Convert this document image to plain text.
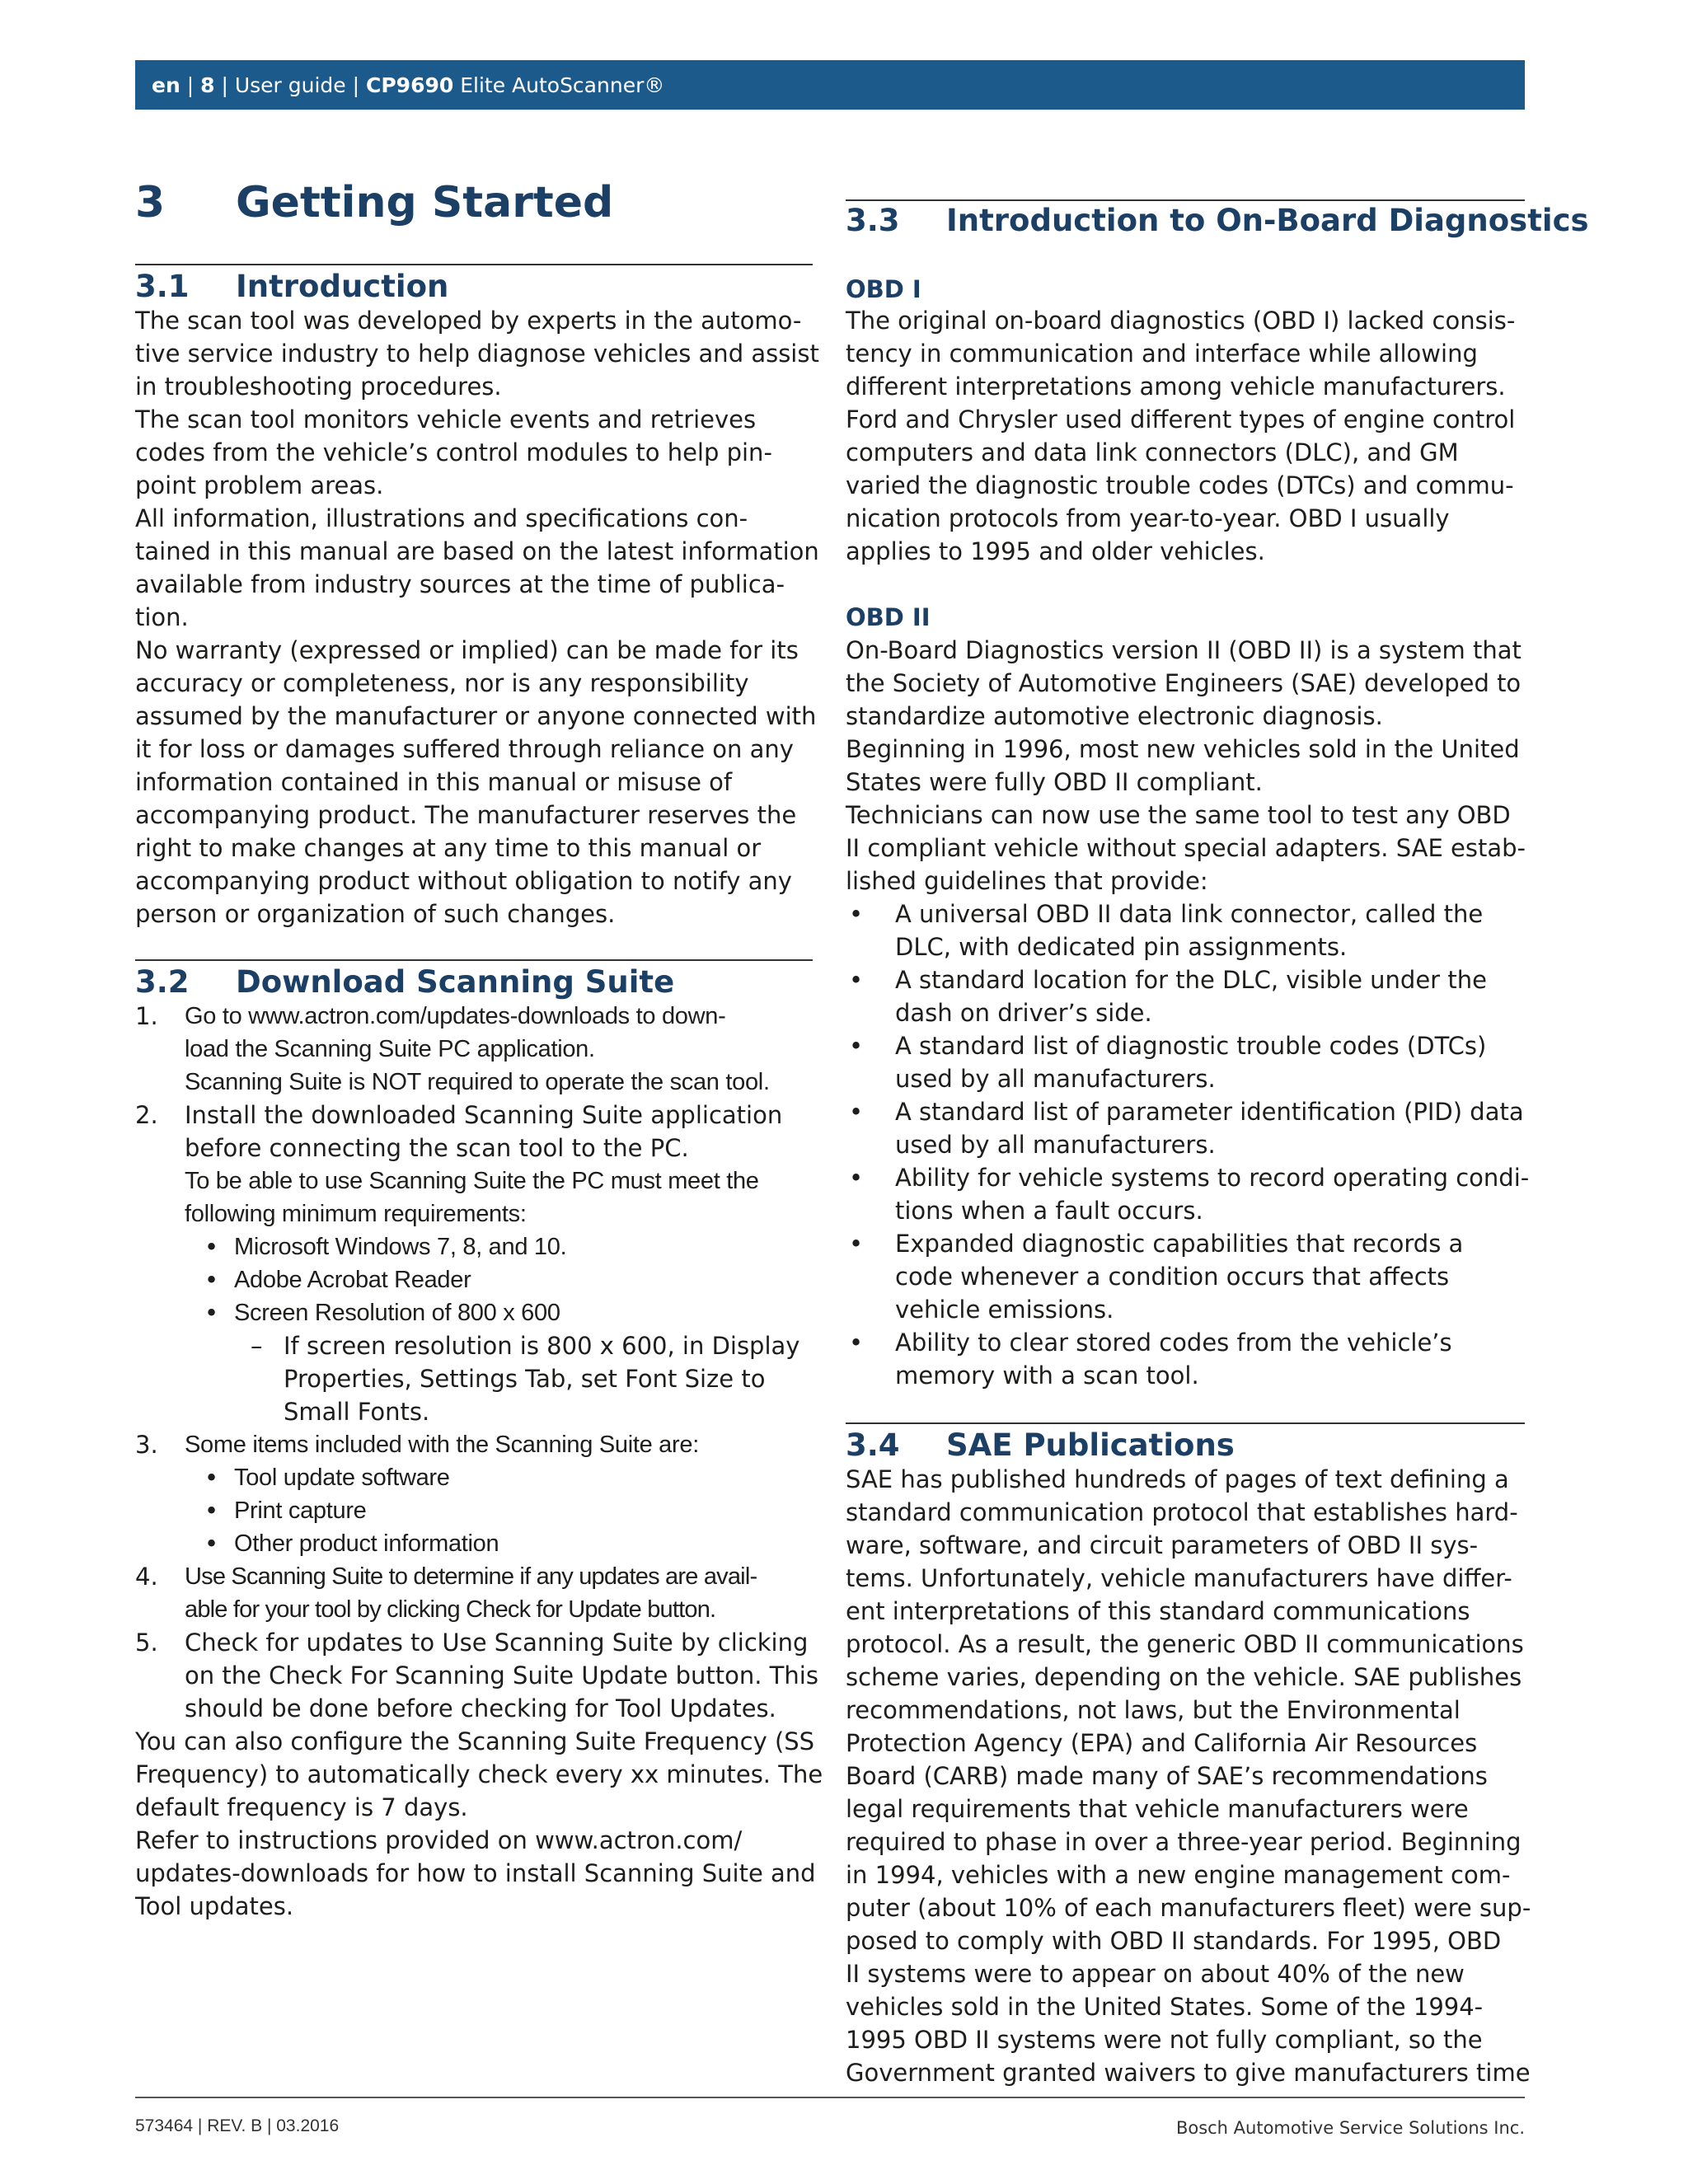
en | 8 | User guide | CP9690
Elite AutoScanner®
3 Getting Started
3.1 Introduction
The scan tool was developed by experts in the automo-
tive service industry to help diagnose vehicles and assist
in troubleshooting procedures.
The scan tool monitors vehicle events and retrieves
codes from the vehicle’s control modules to help pin-
point problem areas.
All information, illustrations and specifications con-
tained in this manual are based on the latest information
available from industry sources at the time of publica-
tion.
No warranty (expressed or implied) can be made for its
accuracy or completeness, nor is any responsibility
assumed by the manufacturer or anyone connected with
it for loss or damages suffered through reliance on any
information contained in this manual or misuse of
accompanying product. The manufacturer reserves the
right to make changes at any time to this manual or
accompanying product without obligation to notify any
person or organization of such changes.
3.2 Download Scanning Suite
1. Go to www.actron.com/updates-downloads to down-
load the Scanning Suite PC application.
Scanning Suite is NOT required to operate the scan tool.
2. Install the downloaded Scanning Suite application
before connecting the scan tool to the PC.
To be able to use Scanning Suite the PC must meet the
following minimum requirements:
• Microsoft Windows 7, 8, and 10.
• Adobe Acrobat Reader
• Screen Resolution of 800 x 600
– If screen resolution is 800 x 600, in Display
Properties, Settings Tab, set Font Size to
Small Fonts.
3. Some items included with the Scanning Suite are:
• Tool update software
• Print capture
• Other product information
4. Use Scanning Suite to determine if any updates are avail-
able for your tool by clicking Check for Update button.
5. Check for updates to Use Scanning Suite by clicking
on the Check For Scanning Suite Update button. This
should be done before checking for Tool Updates.
You can also configure the Scanning Suite Frequency (SS
Frequency) to automatically check every xx minutes. The
default frequency is 7 days.
Refer to instructions provided on www.actron.com/
updates-downloads for how to install Scanning Suite and
Tool updates.
3.3 Introduction to On-Board Diagnostics
OBD I
The original on-board diagnostics (OBD I) lacked consis-
tency in communication and interface while allowing
different interpretations among vehicle manufacturers.
Ford and Chrysler used different types of engine control
computers and data link connectors (DLC), and GM
varied the diagnostic trouble codes (DTCs) and commu-
nication protocols from year-to-year. OBD I usually
applies to 1995 and older vehicles.
OBD II
On-Board Diagnostics version II (OBD II) is a system that
the Society of Automotive Engineers (SAE) developed to
standardize automotive electronic diagnosis.
Beginning in 1996, most new vehicles sold in the United
States were fully OBD II compliant.
Technicians can now use the same tool to test any OBD
II compliant vehicle without special adapters. SAE estab-
lished guidelines that provide:
• A universal OBD II data link connector, called the
DLC, with dedicated pin assignments.
• A standard location for the DLC, visible under the
dash on driver’s side.
• A standard list of diagnostic trouble codes (DTCs)
used by all manufacturers.
• A standard list of parameter identification (PID) data
used by all manufacturers.
• Ability for vehicle systems to record operating condi-
tions when a fault occurs.
• Expanded diagnostic capabilities that records a
code whenever a condition occurs that affects
vehicle emissions.
• Ability to clear stored codes from the vehicle’s
memory with a scan tool.
3.4 SAE Publications
SAE has published hundreds of pages of text defining a
standard communication protocol that establishes hard-
ware, software, and circuit parameters of OBD II sys-
tems. Unfortunately, vehicle manufacturers have differ-
ent interpretations of this standard communications
protocol. As a result, the generic OBD II communications
scheme varies, depending on the vehicle. SAE publishes
recommendations, not laws, but the Environmental
Protection Agency (EPA) and California Air Resources
Board (CARB) made many of SAE’s recommendations
legal requirements that vehicle manufacturers were
required to phase in over a three-year period. Beginning
in 1994, vehicles with a new engine management com-
puter (about 10% of each manufacturers fleet) were sup-
posed to comply with OBD II standards. For 1995, OBD
II systems were to appear on about 40% of the new
vehicles sold in the United States. Some of the 1994-
1995 OBD II systems were not fully compliant, so the
Government granted waivers to give manufacturers time
573464 | REV. B | 03.2016	Bosch Automotive Service Solutions Inc.
